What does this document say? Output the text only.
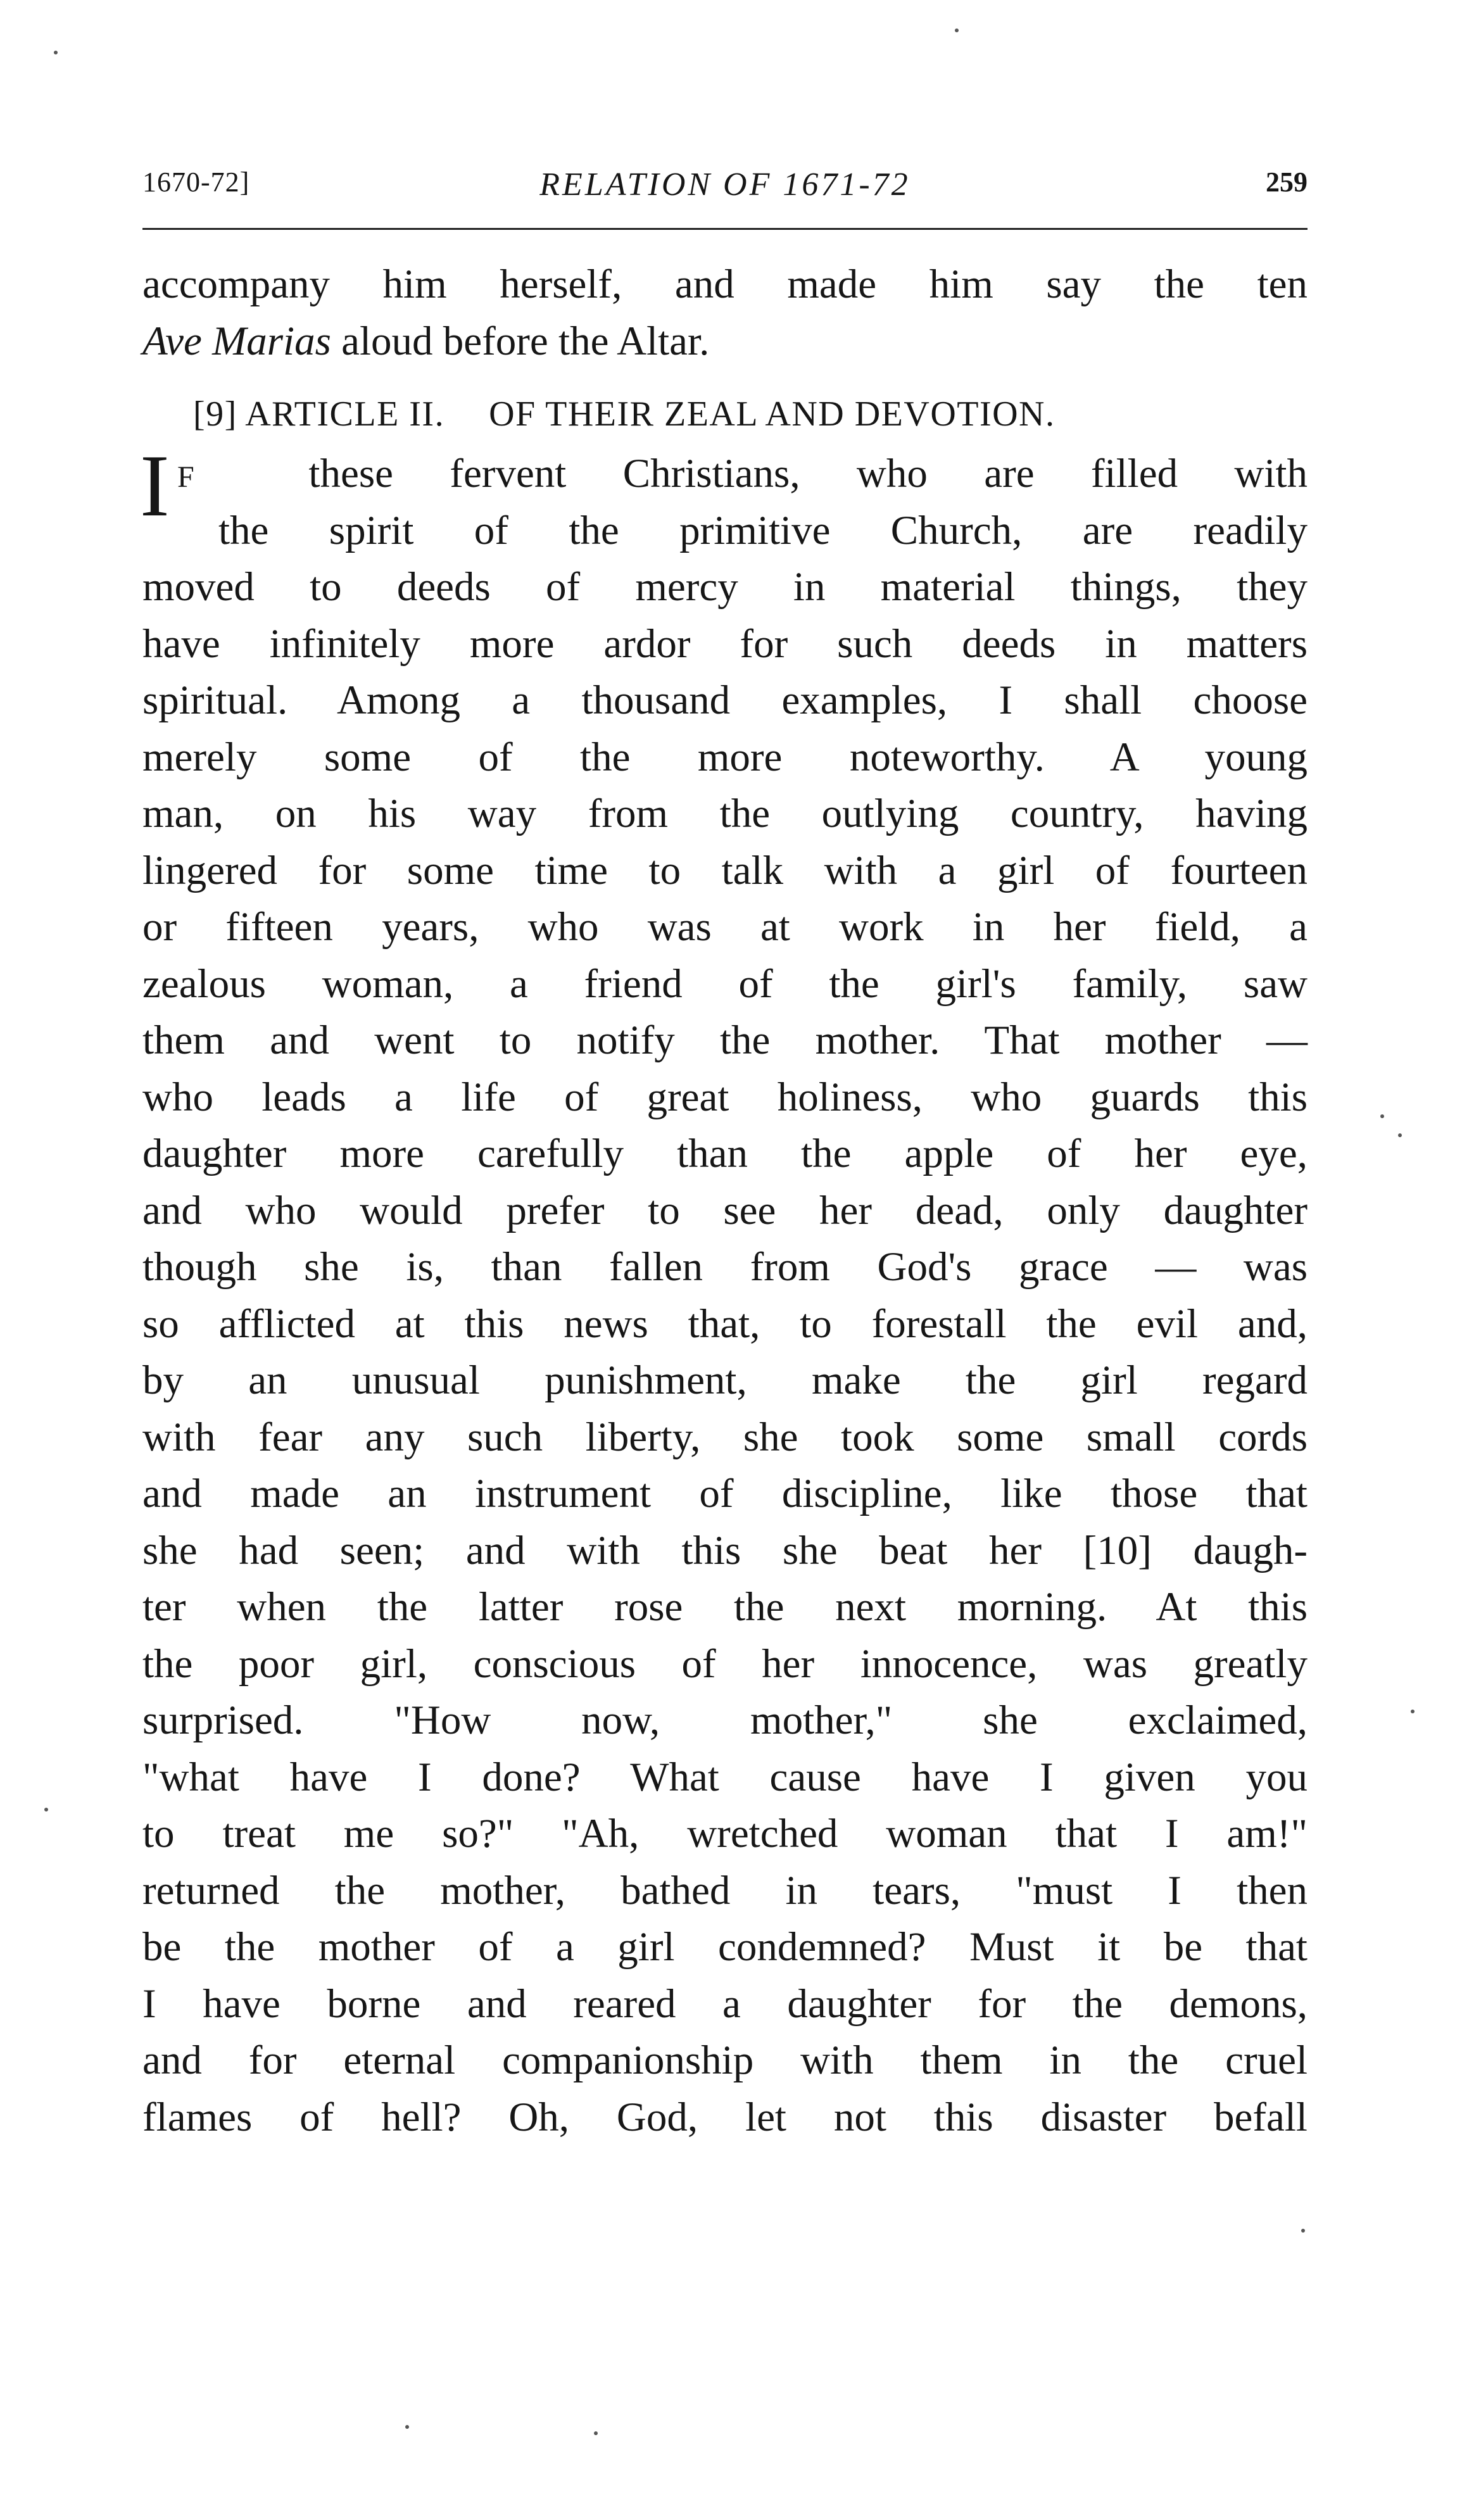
1670-72]	RELATION OF 1671-72	259
accompany him herself, and made him say the ten
Ave Marias aloud before the Altar.
[9] ARTICLE II. OF THEIR ZEAL AND DEVOTION.
I F	these fervent Christians, who are filled with
the spirit of the primitive Church, are readily
moved to deeds of mercy in material things, they
have infinitely more ardor for such deeds in matters
spiritual. Among a thousand examples, I shall choose
merely some of the more noteworthy. A young
man, on his way from the outlying country, having
lingered for some time to talk with a girl of fourteen
or fifteen years, who was at work in her field, a
zealous woman, a friend of the girl's family, saw
them and went to notify the mother. That mother —
who leads a life of great holiness, who guards this
daughter more carefully than the apple of her eye,
and who would prefer to see her dead, only daughter
though she is, than fallen from God's grace — was
so afflicted at this news that, to forestall the evil and,
by an unusual punishment, make the girl regard
with fear any such liberty, she took some small cords
and made an instrument of discipline, like those that
she had seen; and with this she beat her [10] daugh-
ter when the latter rose the next morning. At this
the poor girl, conscious of her innocence, was greatly
surprised. "How now, mother," she exclaimed,
"what have I done? What cause have I given you
to treat me so?" "Ah, wretched woman that I am!"
returned the mother, bathed in tears, "must I then
be the mother of a girl condemned? Must it be that
I have borne and reared a daughter for the demons,
and for eternal companionship with them in the cruel
flames of hell? Oh, God, let not this disaster befall
